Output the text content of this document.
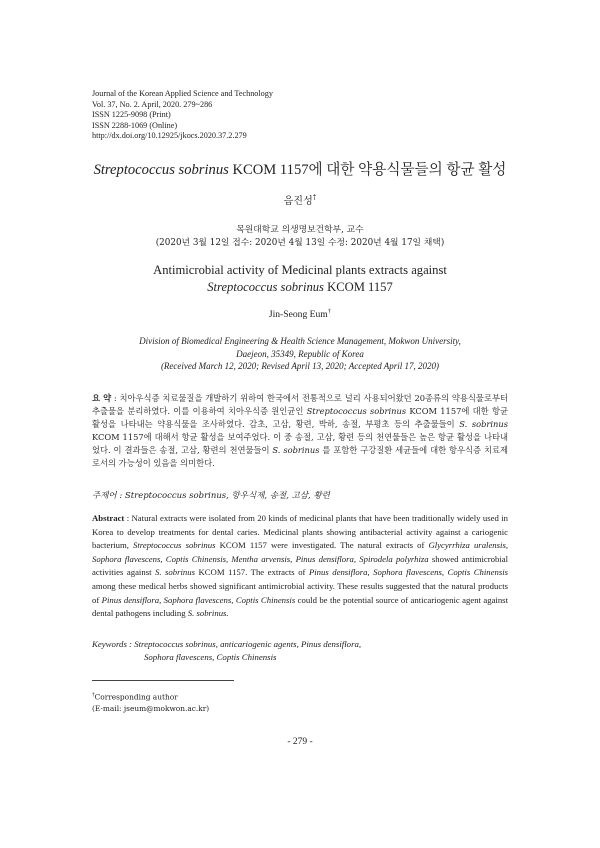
Journal of the Korean Applied Science and Technology
Vol. 37, No. 2. April, 2020. 279~286
ISSN 1225-9098 (Print)
ISSN 2288-1069 (Online)
http://dx.doi.org/10.12925/jkocs.2020.37.2.279
Streptococcus sobrinus KCOM 1157에 대한 약용식물들의 항균 활성
음진성†
목원대학교 의생명보건학부, 교수
(2020년 3월 12일 접수: 2020년 4월 13일 수정: 2020년 4월 17일 채택)
Antimicrobial activity of Medicinal plants extracts against
Streptococcus sobrinus KCOM 1157
Jin-Seong Eum†
Division of Biomedical Engineering & Health Science Management, Mokwon University,
Daejeon, 35349, Republic of Korea
(Received March 12, 2020; Revised April 13, 2020; Accepted April 17, 2020)
요 약 : 치아우식증 치료물질을 개발하기 위하여 한국에서 전통적으로 널리 사용되어왔던 20종류의 약용식물로부터 추출물을 분리하였다. 이를 이용하여 치아우식증 원인균인 Streptococcus sobrinus KCOM 1157에 대한 항균 활성을 나타내는 약용식물을 조사하였다. 감초, 고삼, 황련, 박하, 송절, 부평초 등의 추출물들이 S. sobrinus KCOM 1157에 대해서 항균 활성을 보여주었다. 이 중 송절, 고삼, 황련 등의 천연물들은 높은 항균 활성을 나타내었다. 이 결과들은 송절, 고삼, 황련의 천연물들이 S. sobrinus 를 포함한 구강질환 세균들에 대한 항우식증 치료제로서의 가능성이 있음을 의미한다.
주제어 : Streptococcus sobrinus, 항우식제, 송절, 고삼, 황련
Abstract : Natural extracts were isolated from 20 kinds of medicinal plants that have been traditionally widely used in Korea to develop treatments for dental caries. Medicinal plants showing antibacterial activity against a cariogenic bacterium, Streptococcus sobrinus KCOM 1157 were investigated. The natural extracts of Glycyrrhiza uralensis, Sophora flavescens, Coptis Chinensis, Mentha arvensis, Pinus densiflora, Spirodela polyrhiza showed antimicrobial activities against S. sobrinus KCOM 1157. The extracts of Pinus densiflora, Sophora flavescens, Coptis Chinensis among these medical herbs showed significant antimicrobial activity. These results suggested that the natural products of Pinus densiflora, Sophora flavescens, Coptis Chinensis could be the potential source of anticariogenic agent against dental pathogens including S. sobrinus.
Keywords : Streptococcus sobrinus, anticariogenic agents, Pinus densiflora,
Sophora flavescens, Coptis Chinensis
†Corresponding author
(E-mail: jseum@mokwon.ac.kr)
- 279 -
